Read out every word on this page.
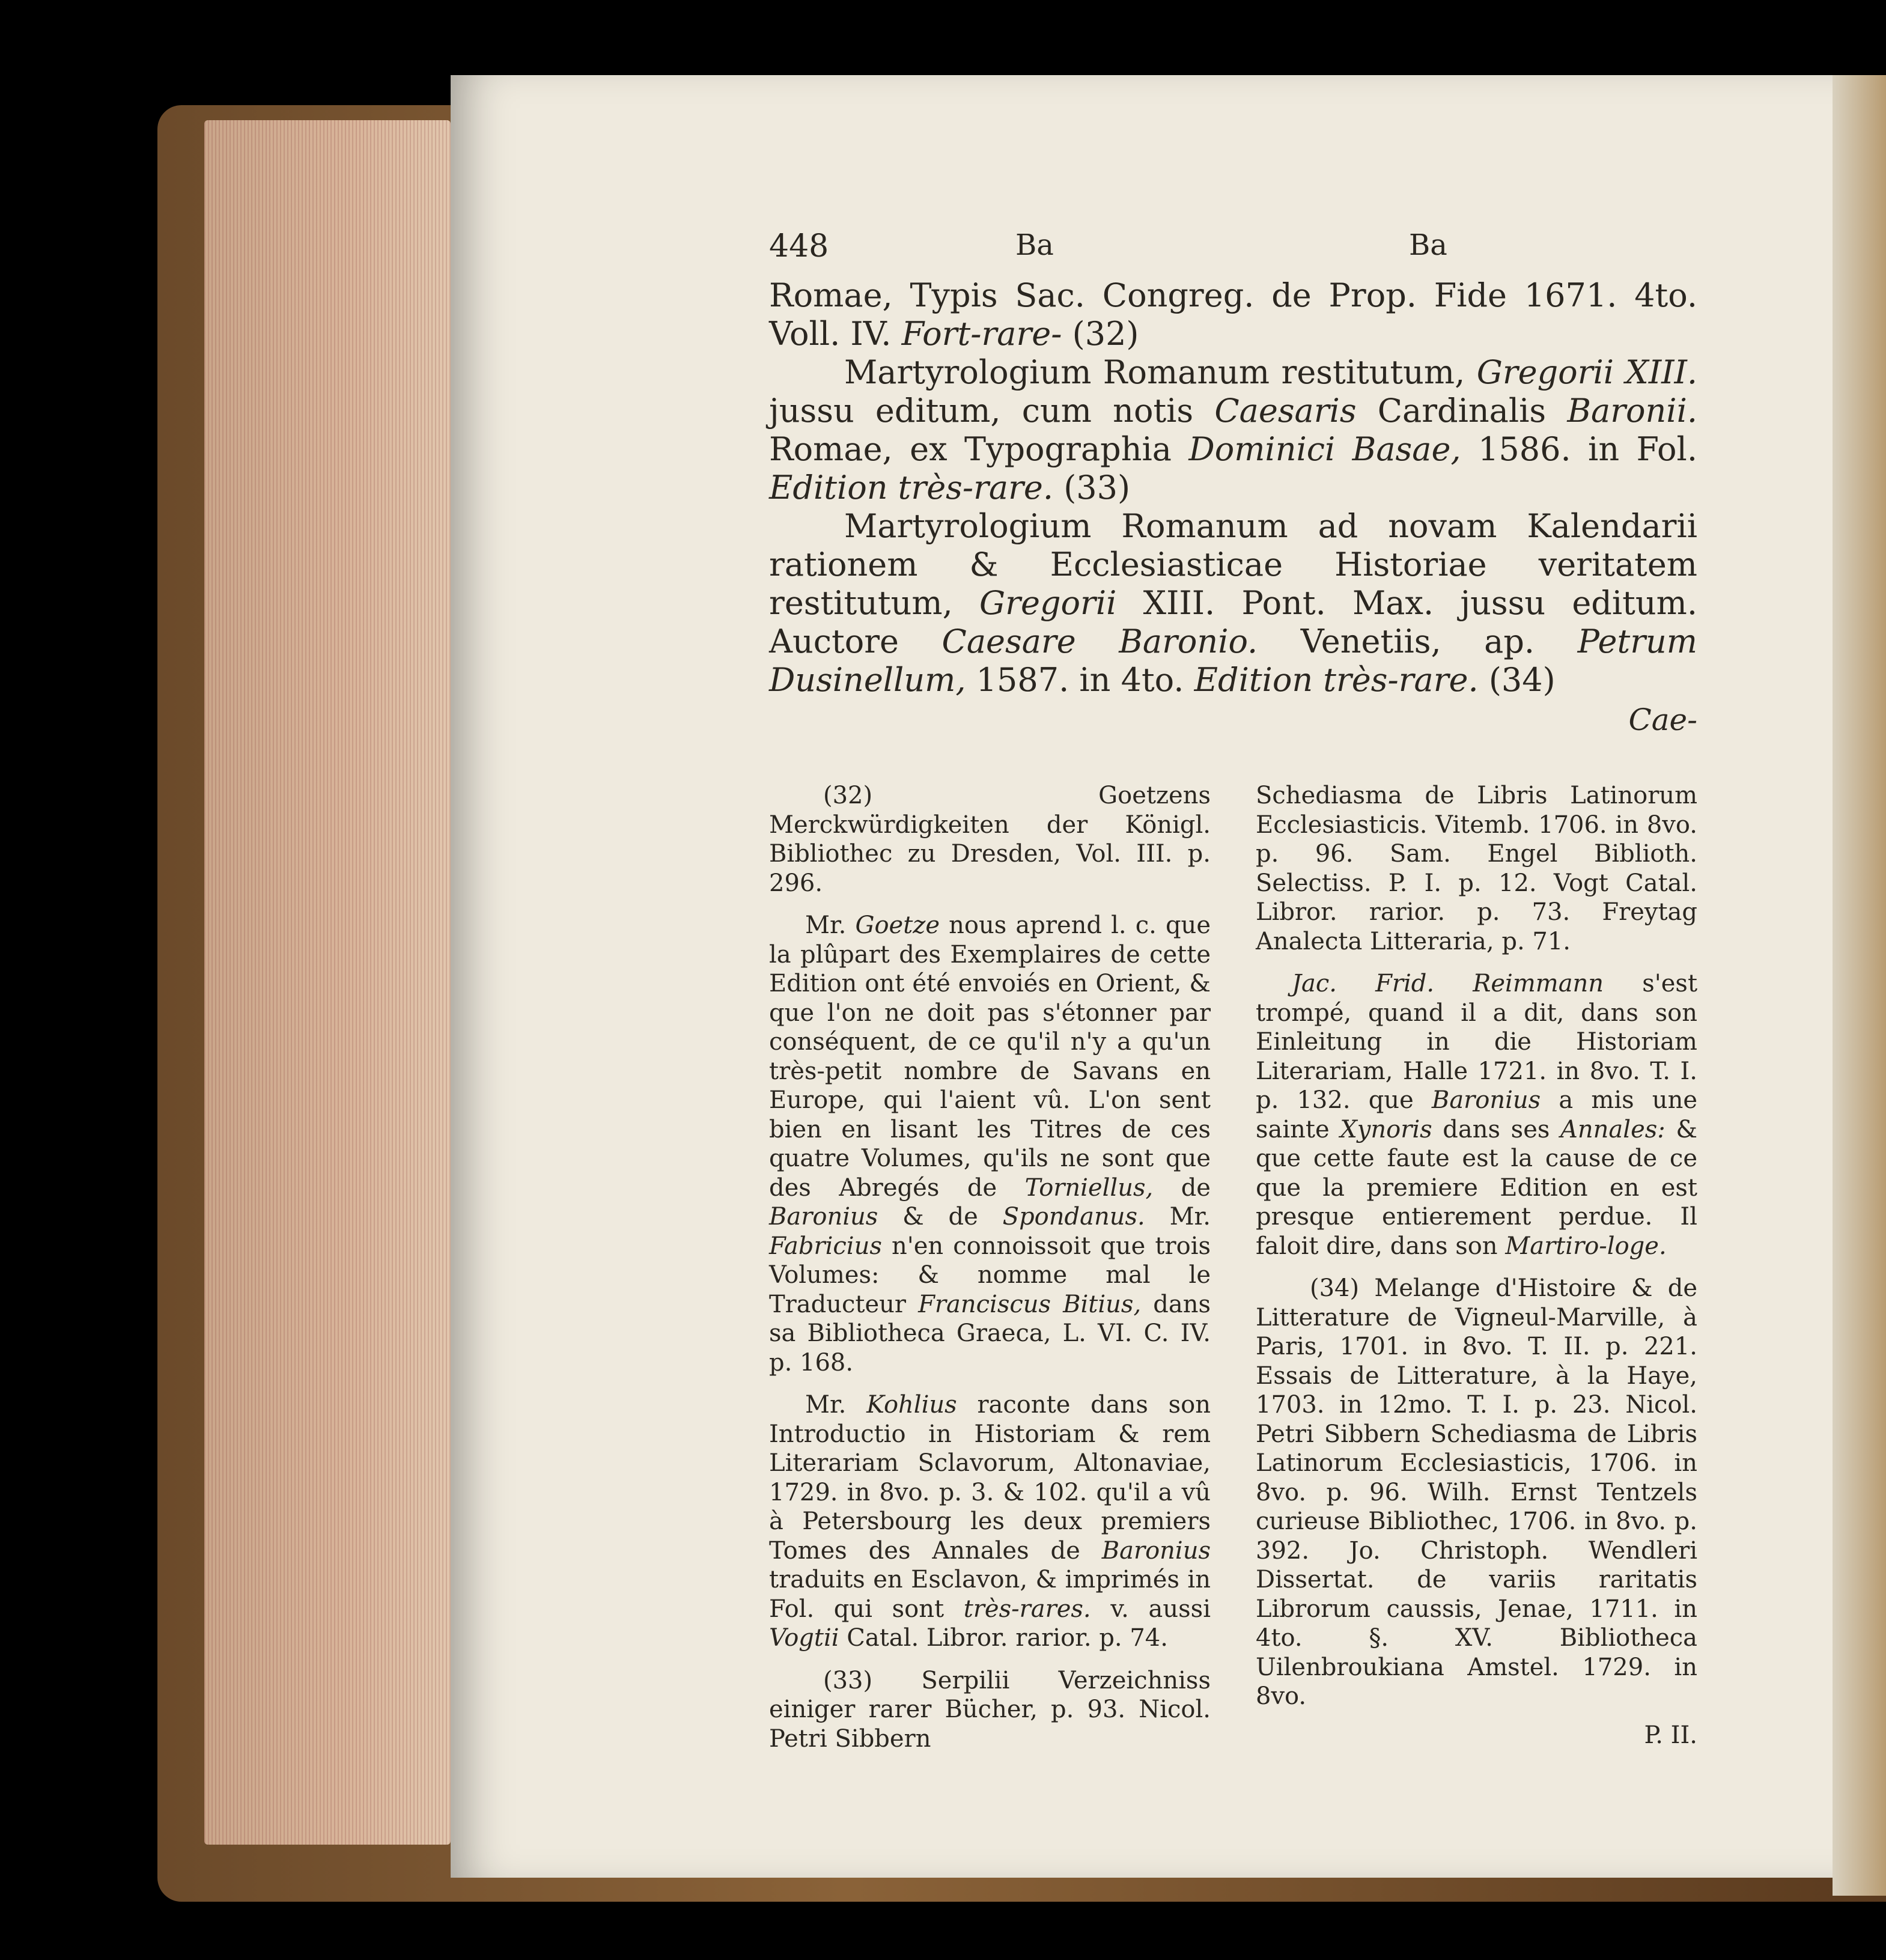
448	Ba	Ba

Romae, Typis Sac. Congreg. de Prop. Fide 1671. 4to. Voll. IV. Fort-rare- (32)

Martyrologium Romanum restitutum, Gregorii XIII. jussu editum, cum notis Caesaris Cardinalis Baronii. Romae, ex Typographia Dominici Basae, 1586. in Fol. Edition très-rare. (33)

Martyrologium Romanum ad novam Kalendarii rationem & Ecclesiasticae Historiae veritatem restitutum, Gregorii XIII. Pont. Max. jussu editum. Auctore Caesare Baronio. Venetiis, ap. Petrum Dusinellum, 1587. in 4to. Edition très-rare. (34)

Cae-

(32) Goetzens Merckwürdigkeiten der Königl. Bibliothec zu Dresden, Vol. III. p. 296.

Mr. Goetze nous aprend l. c. que la plûpart des Exemplaires de cette Edition ont été envoiés en Orient, & que l'on ne doit pas s'étonner par conséquent, de ce qu'il n'y a qu'un très-petit nombre de Savans en Europe, qui l'aient vû. L'on sent bien en lisant les Titres de ces quatre Volumes, qu'ils ne sont que des Abregés de Torniellus, de Baronius & de Spondanus. Mr. Fabricius n'en connoissoit que trois Volumes: & nomme mal le Traducteur Franciscus Bitius, dans sa Bibliotheca Graeca, L. VI. C. IV. p. 168.

Mr. Kohlius raconte dans son Introductio in Historiam & rem Literariam Sclavorum, Altonaviae, 1729. in 8vo. p. 3. & 102. qu'il a vû à Petersbourg les deux premiers Tomes des Annales de Baronius traduits en Esclavon, & imprimés in Fol. qui sont très-rares. v. aussi Vogtii Catal. Libror. rarior. p. 74.

(33) Serpilii Verzeichniss einiger rarer Bücher, p. 93. Nicol. Petri Sibbern

Schediasma de Libris Latinorum Ecclesiasticis. Vitemb. 1706. in 8vo. p. 96. Sam. Engel Biblioth. Selectiss. P. I. p. 12. Vogt Catal. Libror. rarior. p. 73. Freytag Analecta Litteraria, p. 71.

Jac. Frid. Reimmann s'est trompé, quand il a dit, dans son Einleitung in die Historiam Literariam, Halle 1721. in 8vo. T. I. p. 132. que Baronius a mis une sainte Xynoris dans ses Annales: & que cette faute est la cause de ce que la premiere Edition en est presque entierement perdue. Il faloit dire, dans son Martiro-loge.

(34) Melange d'Histoire & de Litterature de Vigneul-Marville, à Paris, 1701. in 8vo. T. II. p. 221. Essais de Litterature, à la Haye, 1703. in 12mo. T. I. p. 23. Nicol. Petri Sibbern Schediasma de Libris Latinorum Ecclesiasticis, 1706. in 8vo. p. 96. Wilh. Ernst Tentzels curieuse Bibliothec, 1706. in 8vo. p. 392. Jo. Christoph. Wendleri Dissertat. de variis raritatis Librorum caussis, Jenae, 1711. in 4to. §. XV. Bibliotheca Uilenbroukiana Amstel. 1729. in 8vo.

P. II.
